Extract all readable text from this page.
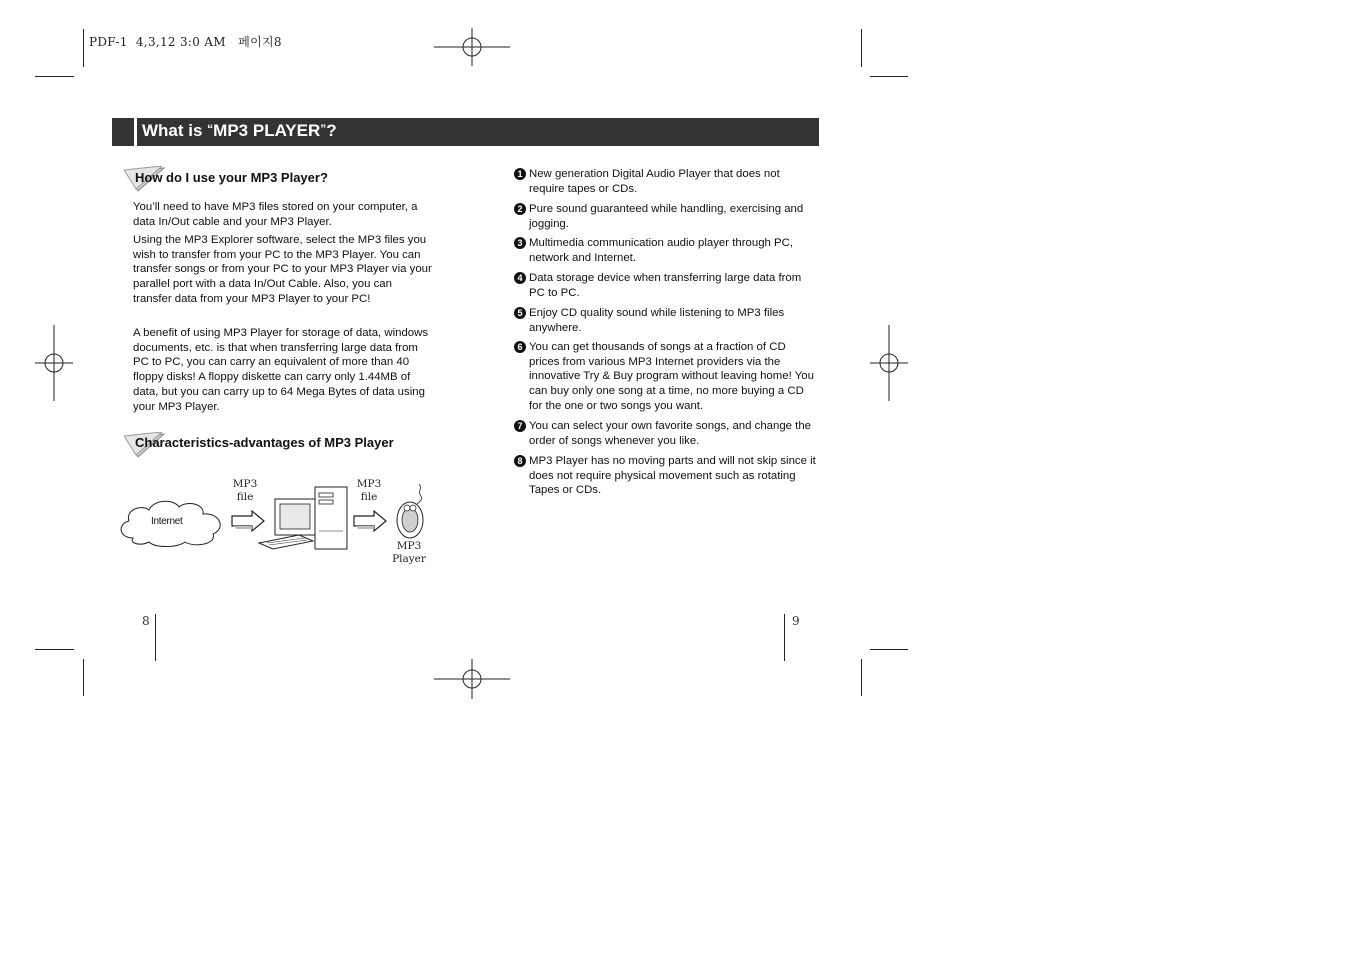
PDF-1  4,3,12 3:0 AM   페이지8
What is “MP3 PLAYER”?
How do I use your MP3 Player?
You’ll need to have MP3 files stored on your computer, a data In/Out cable and your MP3 Player.
Using the MP3 Explorer software, select the MP3 files you wish to transfer from your PC to the MP3 Player. You can transfer songs or from your PC to your MP3 Player via your parallel port with a data In/Out Cable. Also, you can transfer data from your MP3 Player to your PC!
A benefit of using MP3 Player for storage of data, windows documents, etc. is that when transferring large data from PC to PC, you can carry an equivalent of more than 40 floppy disks! A floppy diskette can carry only 1.44MB of data, but you can carry up to 64 Mega Bytes of data using your MP3 Player.
Characteristics-advantages of MP3 Player
Internet
MP3
file
MP3
file
MP3
Player
1 New generation Digital Audio Player that does not require tapes or CDs.
2 Pure sound guaranteed while handling, exercising and jogging.
3 Multimedia communication audio player through PC, network and Internet.
4 Data storage device when transferring large data from PC to PC.
5 Enjoy CD quality sound while listening to MP3 files anywhere.
6 You can get thousands of songs at a fraction of CD prices from various MP3 Internet providers via the innovative Try & Buy program without leaving home! You can buy only one song at a time, no more buying a CD for the one or two songs you want.
7 You can select your own favorite songs, and change the order of songs whenever you like.
8 MP3 Player has no moving parts and will not skip since it does not require physical movement such as rotating Tapes or CDs.
8	9
